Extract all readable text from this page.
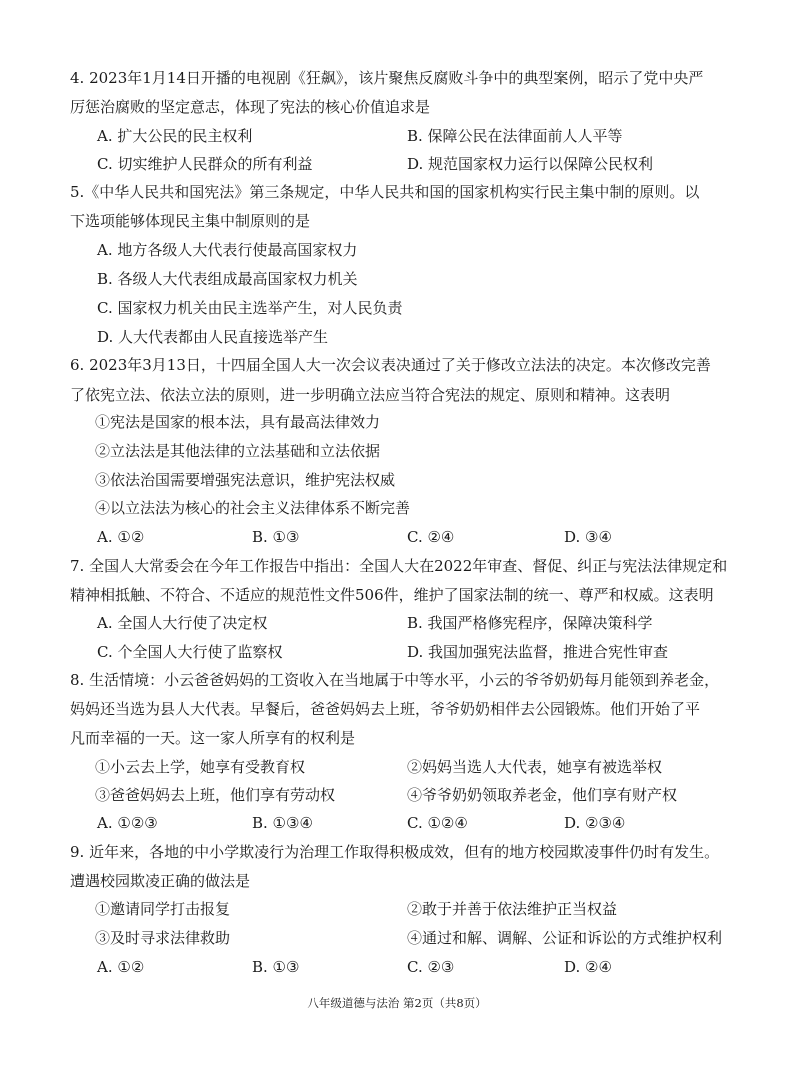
4. 2023年1月14日开播的电视剧《狂飙》，该片聚焦反腐败斗争中的典型案例，昭示了党中央严
厉惩治腐败的坚定意志，体现了宪法的核心价值追求是
A. 扩大公民的民主权利	B. 保障公民在法律面前人人平等
C. 切实维护人民群众的所有利益	D. 规范国家权力运行以保障公民权利
5.《中华人民共和国宪法》第三条规定，中华人民共和国的国家机构实行民主集中制的原则。以
下选项能够体现民主集中制原则的是
A. 地方各级人大代表行使最高国家权力
B. 各级人大代表组成最高国家权力机关
C. 国家权力机关由民主选举产生，对人民负责
D. 人大代表都由人民直接选举产生
6. 2023年3月13日，十四届全国人大一次会议表决通过了关于修改立法法的决定。本次修改完善
了依宪立法、依法立法的原则，进一步明确立法应当符合宪法的规定、原则和精神。这表明
①宪法是国家的根本法，具有最高法律效力
②立法法是其他法律的立法基础和立法依据
③依法治国需要增强宪法意识，维护宪法权威
④以立法法为核心的社会主义法律体系不断完善
A. ①②	B. ①③	C. ②④	D. ③④
7. 全国人大常委会在今年工作报告中指出：全国人大在2022年审查、督促、纠正与宪法法律规定和
精神相抵触、不符合、不适应的规范性文件506件，维护了国家法制的统一、尊严和权威。这表明
A. 全国人大行使了决定权	B. 我国严格修宪程序，保障决策科学
C. 个全国人大行使了监察权	D. 我国加强宪法监督，推进合宪性审查
8. 生活情境：小云爸爸妈妈的工资收入在当地属于中等水平，小云的爷爷奶奶每月能领到养老金，
妈妈还当选为县人大代表。早餐后，爸爸妈妈去上班，爷爷奶奶相伴去公园锻炼。他们开始了平
凡而幸福的一天。这一家人所享有的权利是
①小云去上学，她享有受教育权	②妈妈当选人大代表，她享有被选举权
③爸爸妈妈去上班，他们享有劳动权	④爷爷奶奶领取养老金，他们享有财产权
A. ①②③	B. ①③④	C. ①②④	D. ②③④
9. 近年来，各地的中小学欺凌行为治理工作取得积极成效，但有的地方校园欺凌事件仍时有发生。
遭遇校园欺凌正确的做法是
①邀请同学打击报复	②敢于并善于依法维护正当权益
③及时寻求法律救助	④通过和解、调解、公证和诉讼的方式维护权利
A. ①②	B. ①③	C. ②③	D. ②④
八年级道德与法治 第2页（共8页）
